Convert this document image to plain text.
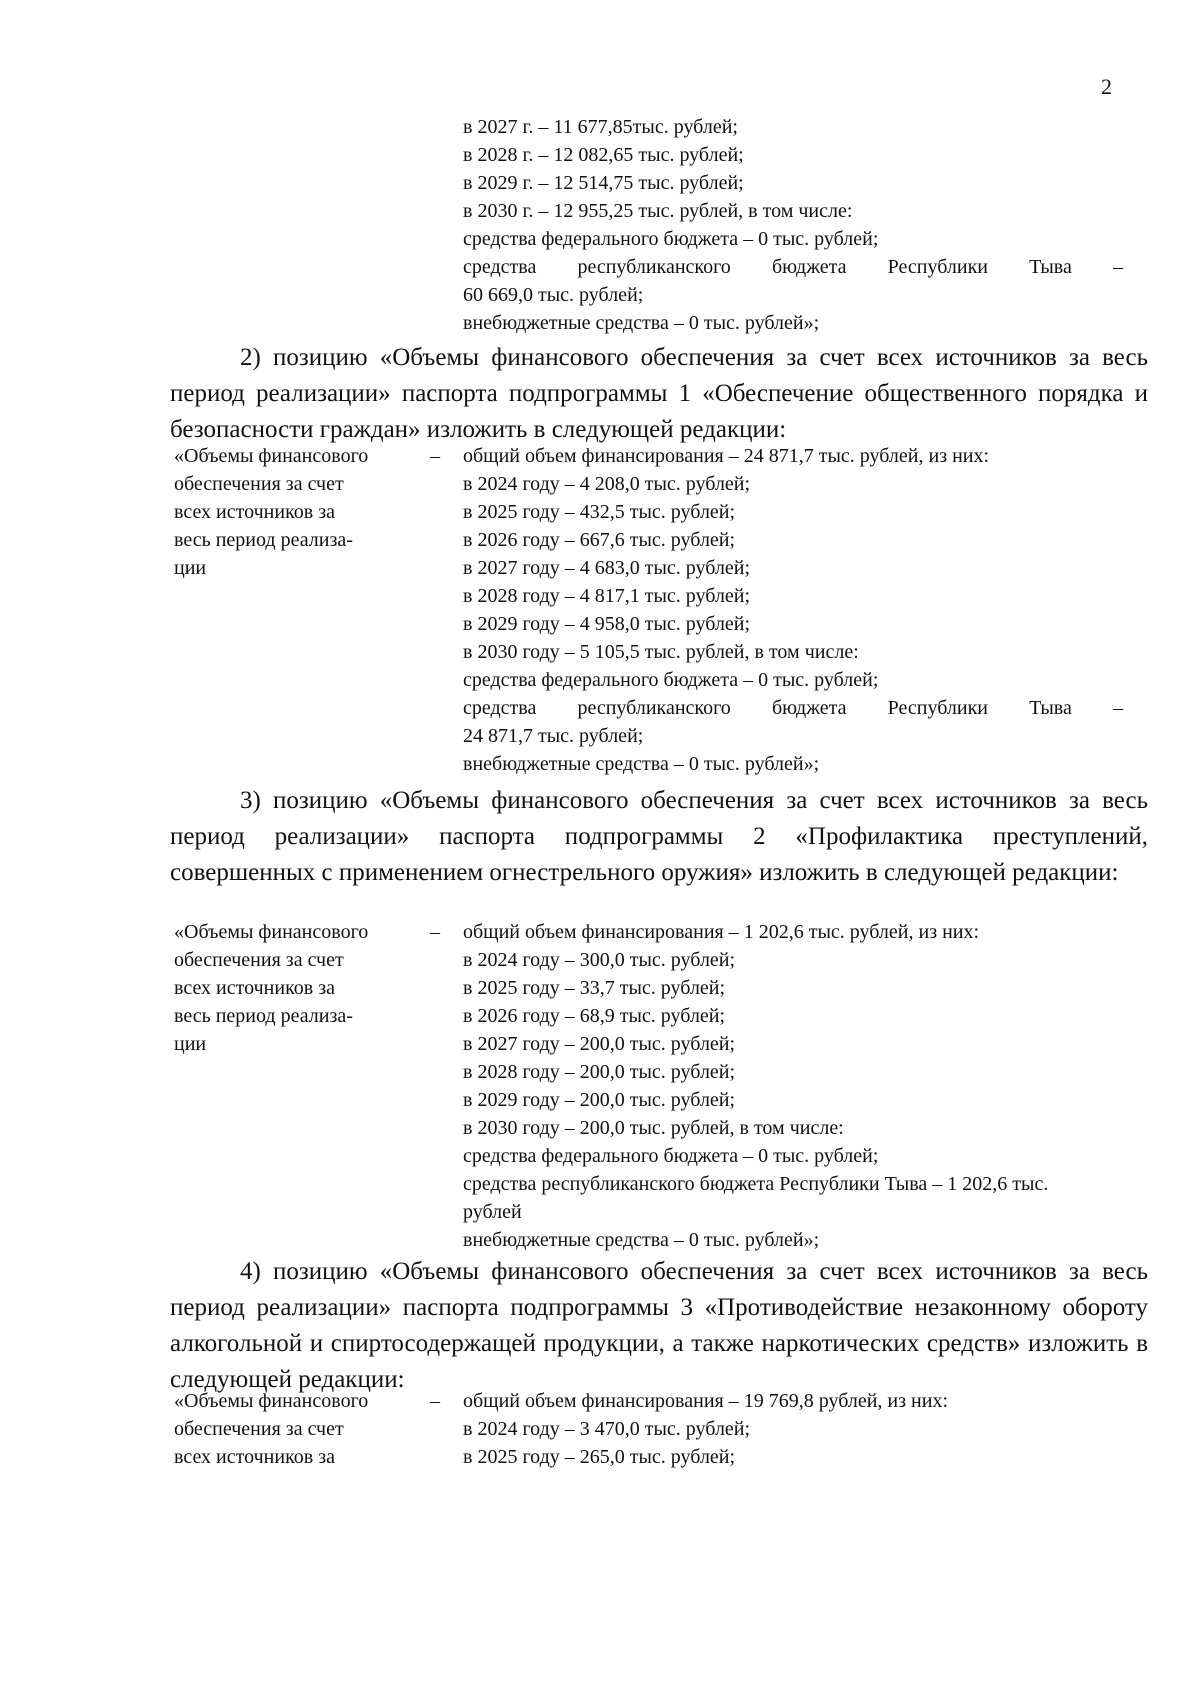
2
в 2027 г. – 11 677,85тыс. рублей;
в 2028 г. – 12 082,65 тыс. рублей;
в 2029 г. – 12 514,75 тыс. рублей;
в 2030 г. – 12 955,25 тыс. рублей, в том числе:
средства федерального бюджета – 0 тыс. рублей;
средства республиканского бюджета Республики Тыва –
60 669,0 тыс. рублей;
внебюджетные средства – 0 тыс. рублей»;
2) позицию «Объемы финансового обеспечения за счет всех источников за весь период реализации» паспорта подпрограммы 1 «Обеспечение общественного порядка и безопасности граждан» изложить в следующей редакции:
«Объемы финансового
обеспечения за счет
всех источников за
весь период реализа-
ции
– общий объем финансирования – 24 871,7 тыс. рублей, из них:
в 2024 году – 4 208,0 тыс. рублей;
в 2025 году – 432,5 тыс. рублей;
в 2026 году – 667,6 тыс. рублей;
в 2027 году – 4 683,0 тыс. рублей;
в 2028 году – 4 817,1 тыс. рублей;
в 2029 году – 4 958,0 тыс. рублей;
в 2030 году – 5 105,5 тыс. рублей, в том числе:
средства федерального бюджета – 0 тыс. рублей;
средства республиканского бюджета Республики Тыва –
24 871,7 тыс. рублей;
внебюджетные средства – 0 тыс. рублей»;
3) позицию «Объемы финансового обеспечения за счет всех источников за весь период реализации» паспорта подпрограммы 2 «Профилактика преступлений, совершенных с применением огнестрельного оружия» изложить в следующей редакции:
«Объемы финансового
обеспечения за счет
всех источников за
весь период реализа-
ции
– общий объем финансирования – 1 202,6 тыс. рублей, из них:
в 2024 году – 300,0 тыс. рублей;
в 2025 году – 33,7 тыс. рублей;
в 2026 году – 68,9 тыс. рублей;
в 2027 году – 200,0 тыс. рублей;
в 2028 году – 200,0 тыс. рублей;
в 2029 году – 200,0 тыс. рублей;
в 2030 году – 200,0 тыс. рублей, в том числе:
средства федерального бюджета – 0 тыс. рублей;
средства республиканского бюджета Республики Тыва – 1 202,6 тыс. рублей
внебюджетные средства – 0 тыс. рублей»;
4) позицию «Объемы финансового обеспечения за счет всех источников за весь период реализации» паспорта подпрограммы 3 «Противодействие незаконному обороту алкогольной и спиртосодержащей продукции, а также наркотических средств» изложить в следующей редакции:
«Объемы финансового
обеспечения за счет
всех источников за
– общий объем финансирования – 19 769,8 рублей, из них:
в 2024 году – 3 470,0 тыс. рублей;
в 2025 году – 265,0 тыс. рублей;
